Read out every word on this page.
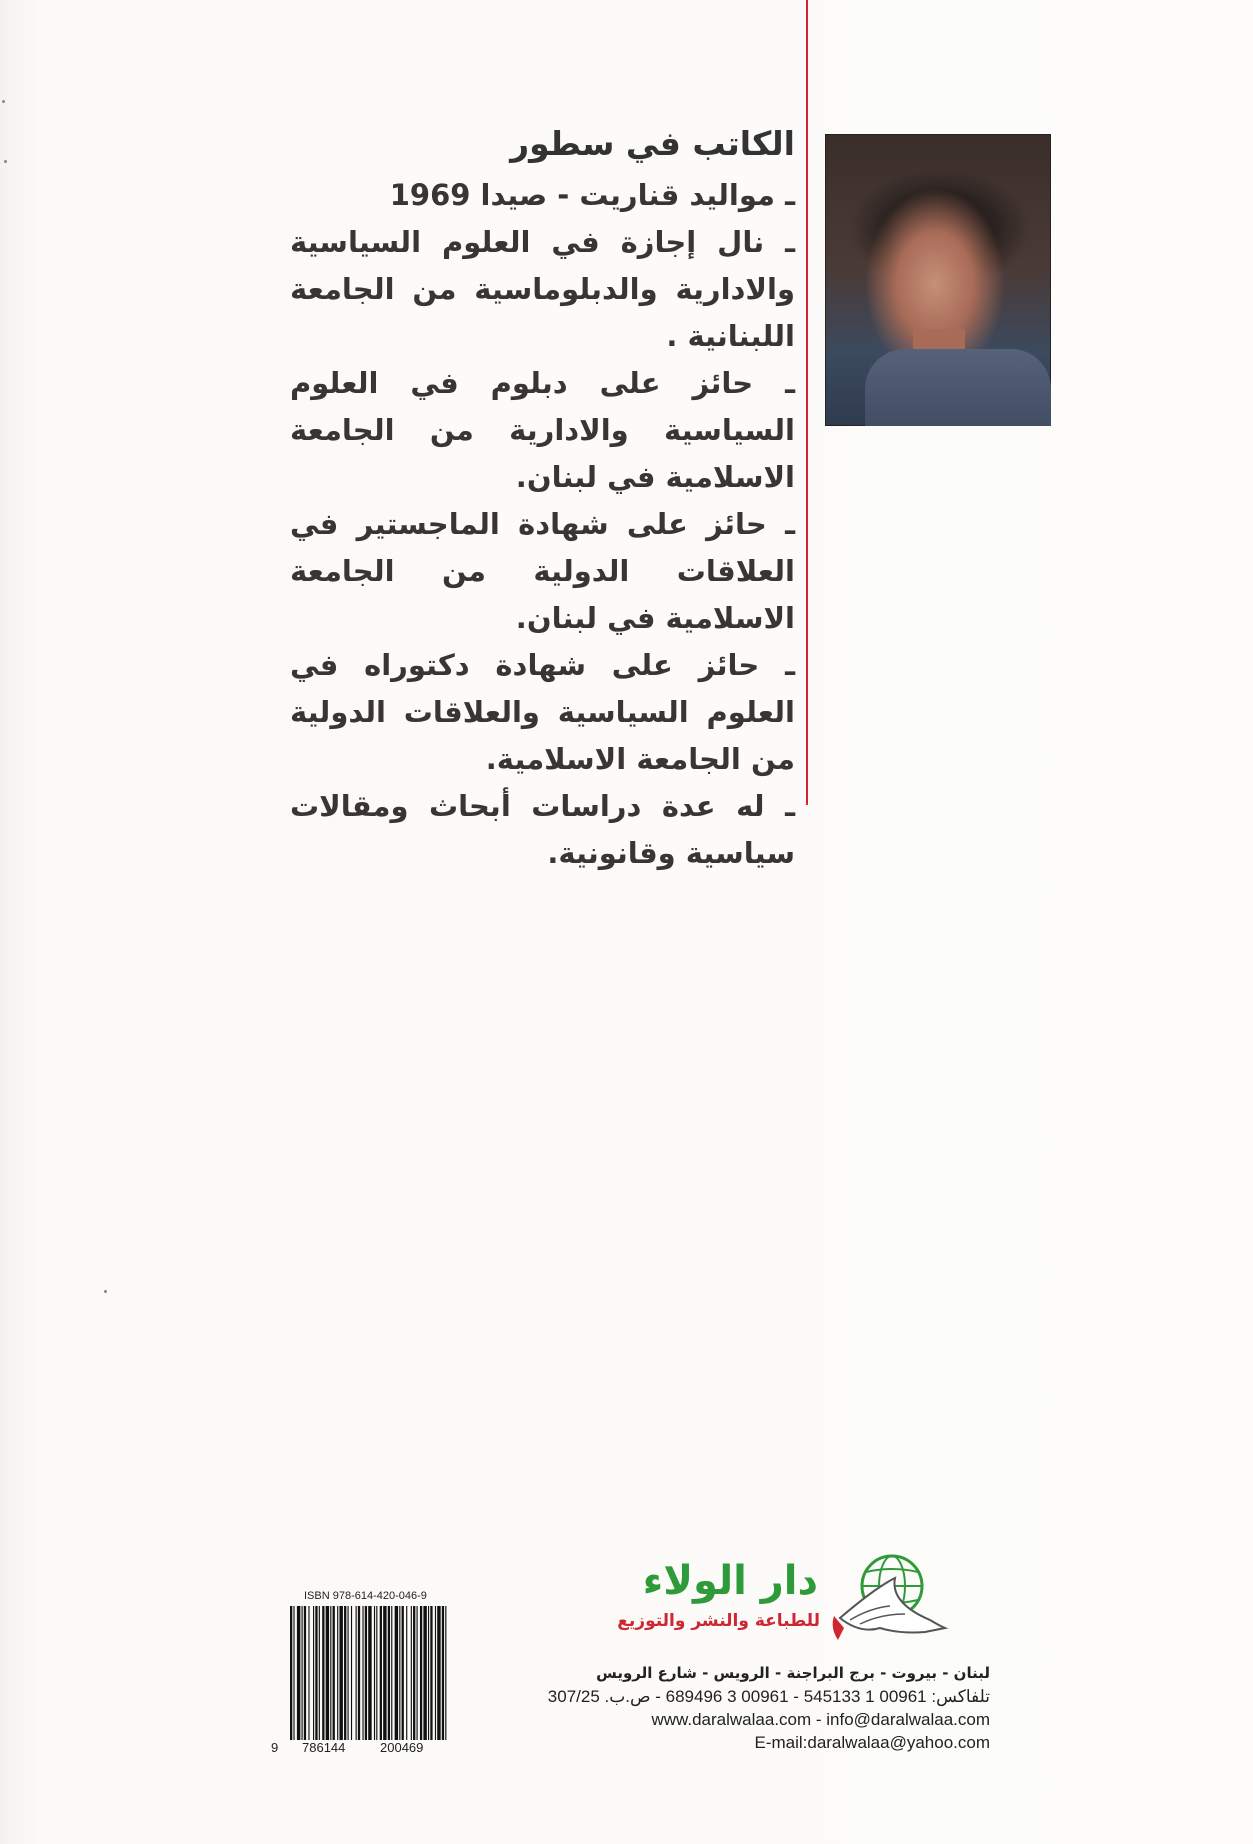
الكاتب في سطور

ـ مواليد قناريت - صيدا 1969

ـ نال إجازة في العلوم السياسية والادارية والدبلوماسية من الجامعة اللبنانية .

ـ حائز على دبلوم في العلوم السياسية والادارية من الجامعة الاسلامية في لبنان.

ـ حائز على شهادة الماجستير في العلاقات الدولية من الجامعة الاسلامية في لبنان.

ـ حائز على شهادة دكتوراه في العلوم السياسية والعلاقات الدولية من الجامعة الاسلامية.

ـ له عدة دراسات أبحاث ومقالات سياسية وقانونية.

دار الولاء
للطباعة والنشر والتوزيع
لبنان - بيروت - برج البراجنة - الرويس - شارع الرويس
تلفاكس: 00961 1 545133 - 00961 3 689496 - ص.ب. 307/25
www.daralwalaa.com - info@daralwalaa.com
E-mail:daralwalaa@yahoo.com
ISBN 978-614-420-046-9
9 786144	200469
